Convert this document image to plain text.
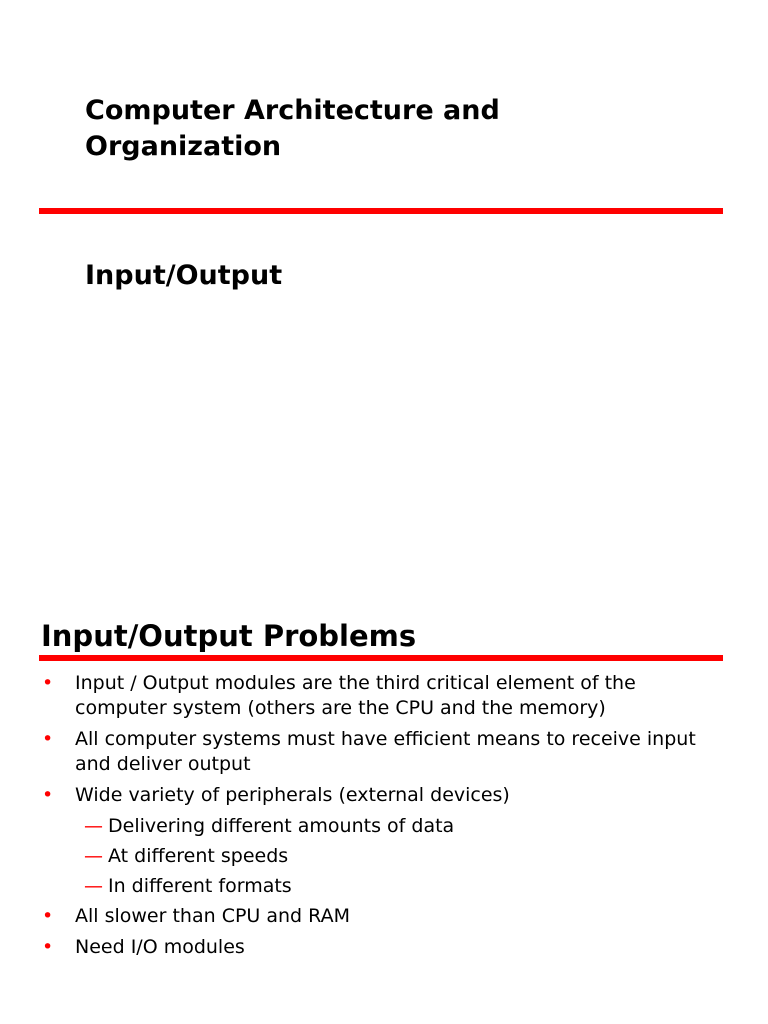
Computer Architecture and Organization
Input/Output
Input/Output Problems
• Input / Output modules are the third critical element of the computer system (others are the CPU and the memory)
• All computer systems must have efficient means to receive input and deliver output
• Wide variety of peripherals (external devices)
— Delivering different amounts of data
— At different speeds
— In different formats
• All slower than CPU and RAM
• Need I/O modules
